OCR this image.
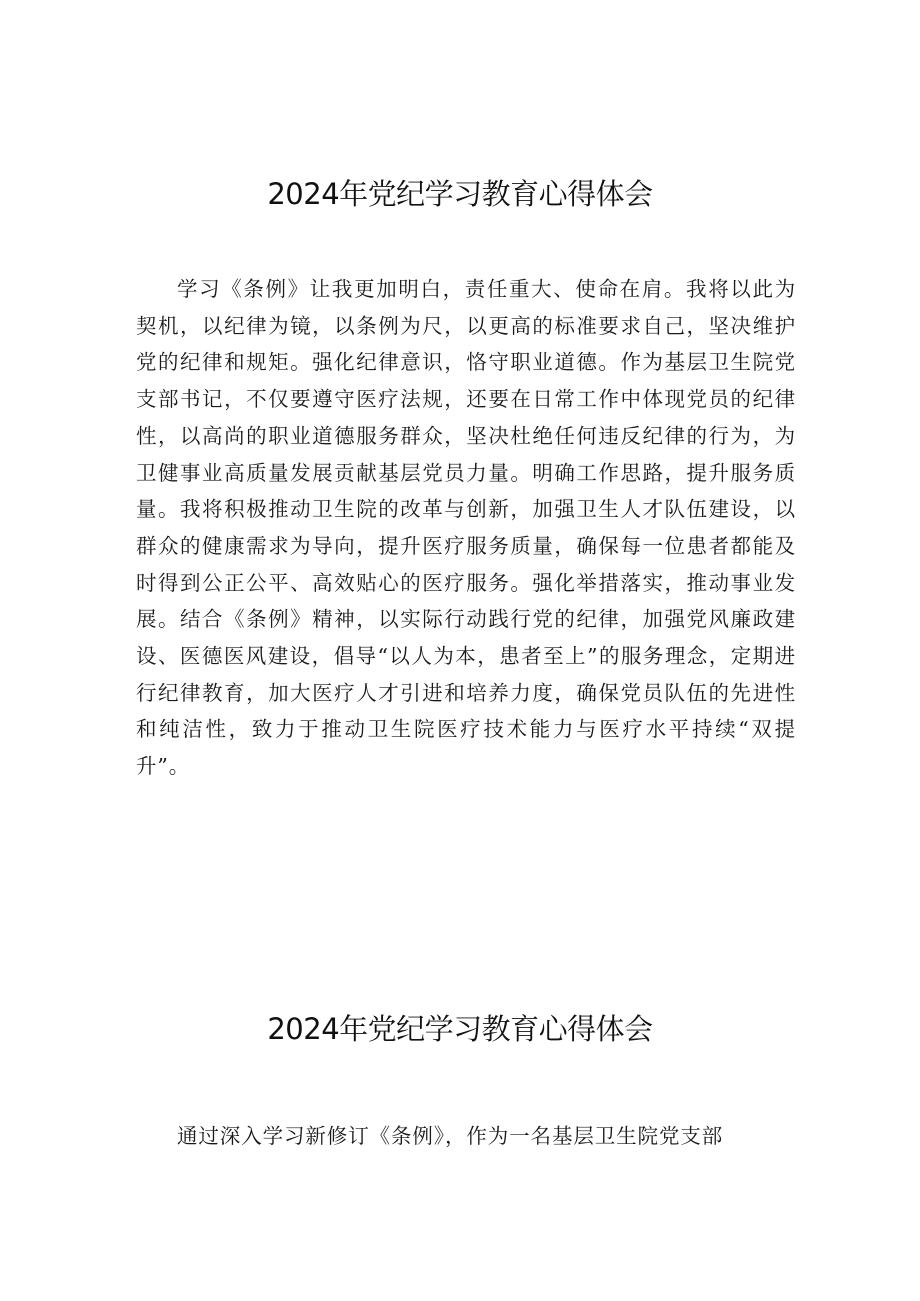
2024年党纪学习教育心得体会

学习《条例》让我更加明白，责任重大、使命在肩。我将以此为契机，以纪律为镜，以条例为尺，以更高的标准要求自己，坚决维护党的纪律和规矩。强化纪律意识，恪守职业道德。作为基层卫生院党支部书记，不仅要遵守医疗法规，还要在日常工作中体现党员的纪律性，以高尚的职业道德服务群众，坚决杜绝任何违反纪律的行为，为卫健事业高质量发展贡献基层党员力量。明确工作思路，提升服务质量。我将积极推动卫生院的改革与创新，加强卫生人才队伍建设，以群众的健康需求为导向，提升医疗服务质量，确保每一位患者都能及时得到公正公平、高效贴心的医疗服务。强化举措落实，推动事业发展。结合《条例》精神，以实际行动践行党的纪律，加强党风廉政建设、医德医风建设，倡导“以人为本，患者至上”的服务理念，定期进行纪律教育，加大医疗人才引进和培养力度，确保党员队伍的先进性和纯洁性，致力于推动卫生院医疗技术能力与医疗水平持续“双提升”。

2024年党纪学习教育心得体会

通过深入学习新修订《条例》，作为一名基层卫生院党支部
